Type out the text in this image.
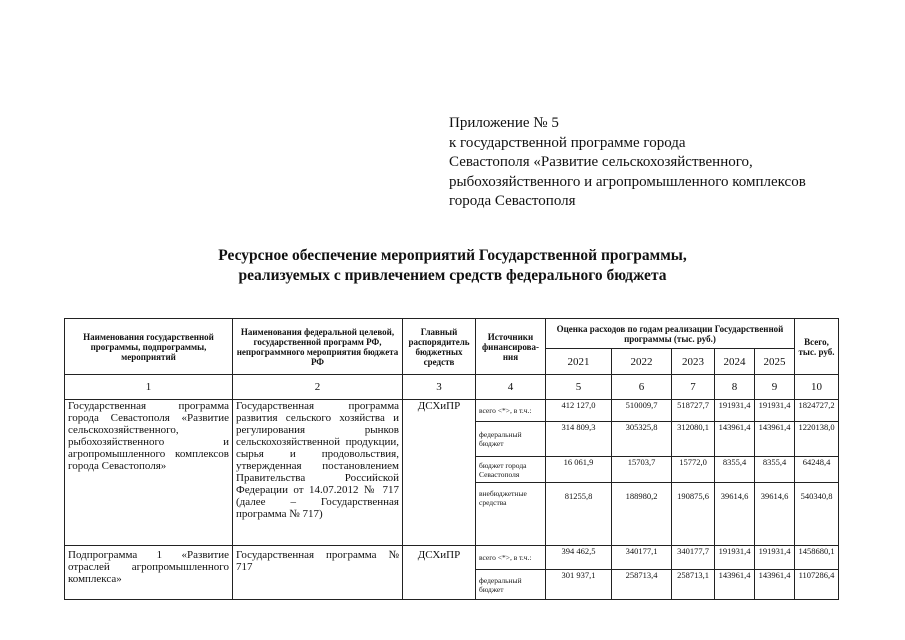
Приложение № 5
к государственной программе города
Севастополя «Развитие сельскохозяйственного,
рыбохозяйственного и агропромышленного комплексов
города Севастополя
Ресурсное обеспечение мероприятий Государственной программы,
реализуемых с привлечением средств федерального бюджета
Наименования государственной программы, подпрограммы, мероприятий	Наименования федеральной целевой, государственной программ РФ, непрограммного мероприятия бюджета РФ	Главный распорядитель бюджетных средств	Источники финансирова-ния	Оценка расходов по годам реализации Государственной программы (тыс. руб.)					Всего, тыс. руб.
				2021	2022	2023	2024	2025	
1	2	3	4	5	6	7	8	9	10
Государственная программа города Севастополя «Развитие сельскохозяйственного, рыбохозяйственного и агропромышленного комплексов города Севастополя»	Государственная программа развития сельского хозяйства и регулирования рынков сельскохозяйственной продукции, сырья и продовольствия, утвержденная постановлением Правительства Российской Федерации от 14.07.2012 № 717 (далее – Государственная программа № 717)	ДСХиПР	всего <*>, в т.ч.:	412 127,0	510009,7	518727,7	191931,4	191931,4	1824727,2
			федеральный бюджет	314 809,3	305325,8	312080,1	143961,4	143961,4	1220138,0
			бюджет города Севастополя	16 061,9	15703,7	15772,0	8355,4	8355,4	64248,4
			внебюджетные средства	81255,8	188980,2	190875,6	39614,6	39614,6	540340,8
Подпрограмма 1 «Развитие отраслей агропромышленного комплекса»	Государственная программа № 717	ДСХиПР	всего <*>, в т.ч.:	394 462,5	340177,1	340177,7	191931,4	191931,4	1458680,1
			федеральный бюджет	301 937,1	258713,4	258713,1	143961,4	143961,4	1107286,4
